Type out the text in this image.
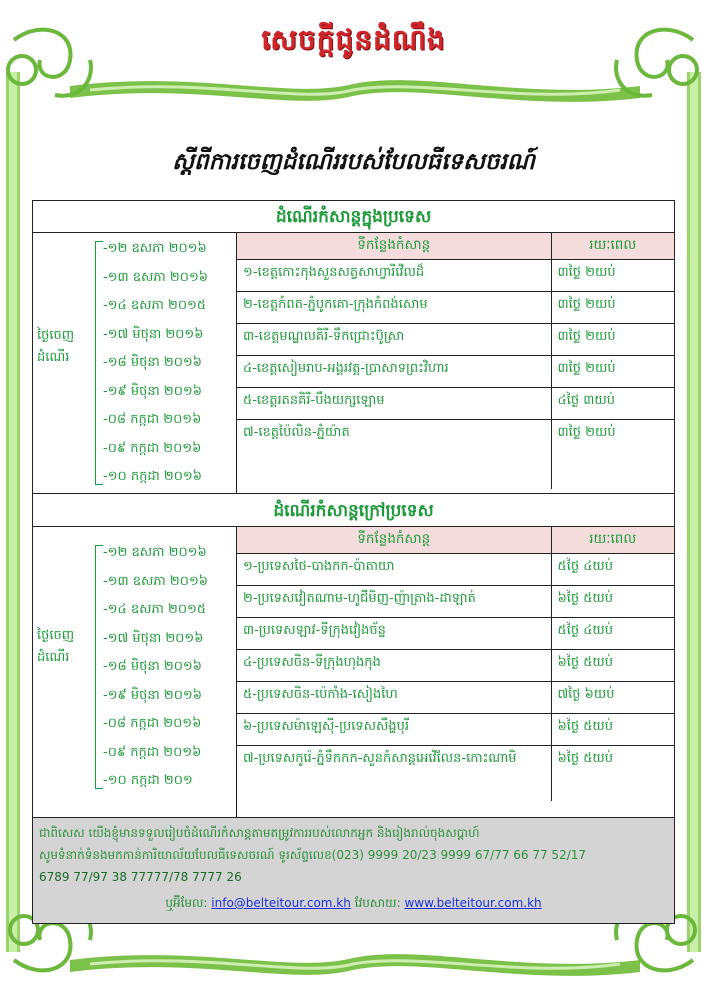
សេចក្តីជូនដំណឹង
ស្តីពីការចេញដំណើររបស់បែលធីទេសចរណ៍
ដំណើរកំសាន្តក្នុងប្រទេស
ថ្ងៃចេញ
ដំណើរ
-១២ ឧសភា ២០១៦
-១៣ ឧសភា ២០១៦
-១៤ ឧសភា ២០១៥
-១៧ មិថុនា ២០១៦
-១៨ មិថុនា ២០១៦
-១៩ មិថុនា ២០១៦
-០៨ កក្កដា ២០១៦
-០៩ កក្កដា ២០១៦
-១០ កក្កដា ២០១៦
ទីកន្លែងកំសាន្ត	រយៈពេល
១-ខេត្តកោះកុងសួនសត្វសាហ្វារីវើលដ៏	៣ថ្ងៃ ២យប់
២-ខេត្តកំពត-ភ្នំបូកគោ-ក្រុងកំពង់សោម	៣ថ្ងៃ ២យប់
៣-ខេត្តមណ្ឌលគិរី-ទឹកជ្រោះប៊ូស្រា	៣ថ្ងៃ ២យប់
៤-ខេត្តសៀមរាប-អង្គរវត្ត-ប្រាសាទព្រះវិហារ	៣ថ្ងៃ ២យប់
៥-ខេត្តរតនគិរី-បឹងយក្សឡោម	៤ថ្ងៃ ៣យប់
៧-ខេត្តប៉ៃលិន-ភ្នំយ៉ាត	៣ថ្ងៃ ២យប់
ដំណើរកំសាន្តក្រៅប្រទេស
ថ្ងៃចេញ
ដំណើរ
-១២ ឧសភា ២០១៦
-១៣ ឧសភា ២០១៦
-១៤ ឧសភា ២០១៥
-១៧ មិថុនា ២០១៦
-១៨ មិថុនា ២០១៦
-១៩ មិថុនា ២០១៦
-០៨ កក្កដា ២០១៦
-០៩ កក្កដា ២០១៦
-១០ កក្កដា ២០១
ទីកន្លែងកំសាន្ត	រយៈពេល
១-ប្រទេសថៃ-បាងកក-ប៉ាតាយា	៥ថ្ងៃ ៤យប់
២-ប្រទេសវៀតណាម-ហូជីមិញ-ញ៉ាត្រាង-ដាឡាត់	៦ថ្ងៃ ៥យប់
៣-ប្រទេសឡាវ-ទីក្រុងវៀងច័ន្ទ	៥ថ្ងៃ ៤យប់
៤-ប្រទេសចិន-ទីក្រុងហុងកុង	៦ថ្ងៃ ៥យប់
៥-ប្រទេសចិន-ប៉េកាំង-សៀងហៃ	៧ថ្ងៃ ៦យប់
៦-ប្រទេសម៉ាឡេស៊ី-ប្រទេសសឹង្ហបុរី	៦ថ្ងៃ ៥យប់
៧-ប្រទេសកូរ៉េ-ភ្នំទឹកកក-សួនកំសាន្តអេវើលែន-កោះណាមិ	៦ថ្ងៃ ៥យប់
ជាពិសេស យើងខ្ញុំមានទទួលរៀបចំដំណើរកំសាន្តតាមតម្រូវការរបស់លោកអ្នក និងរៀងរាល់ចុងសប្តាហ៍
សូមទំនាក់ទំនងមកកាន់ការិយាល័យបែលធីទេសចរណ៍ ទូរស័ព្ទលេខ(023) 9999 20/23 9999 67/77 66 77 52/17
6789 77/97 38 77777/78 7777 26
ឬអ៊ីមែល: info@belteitour.com.kh វែបសាយ: www.belteitour.com.kh
